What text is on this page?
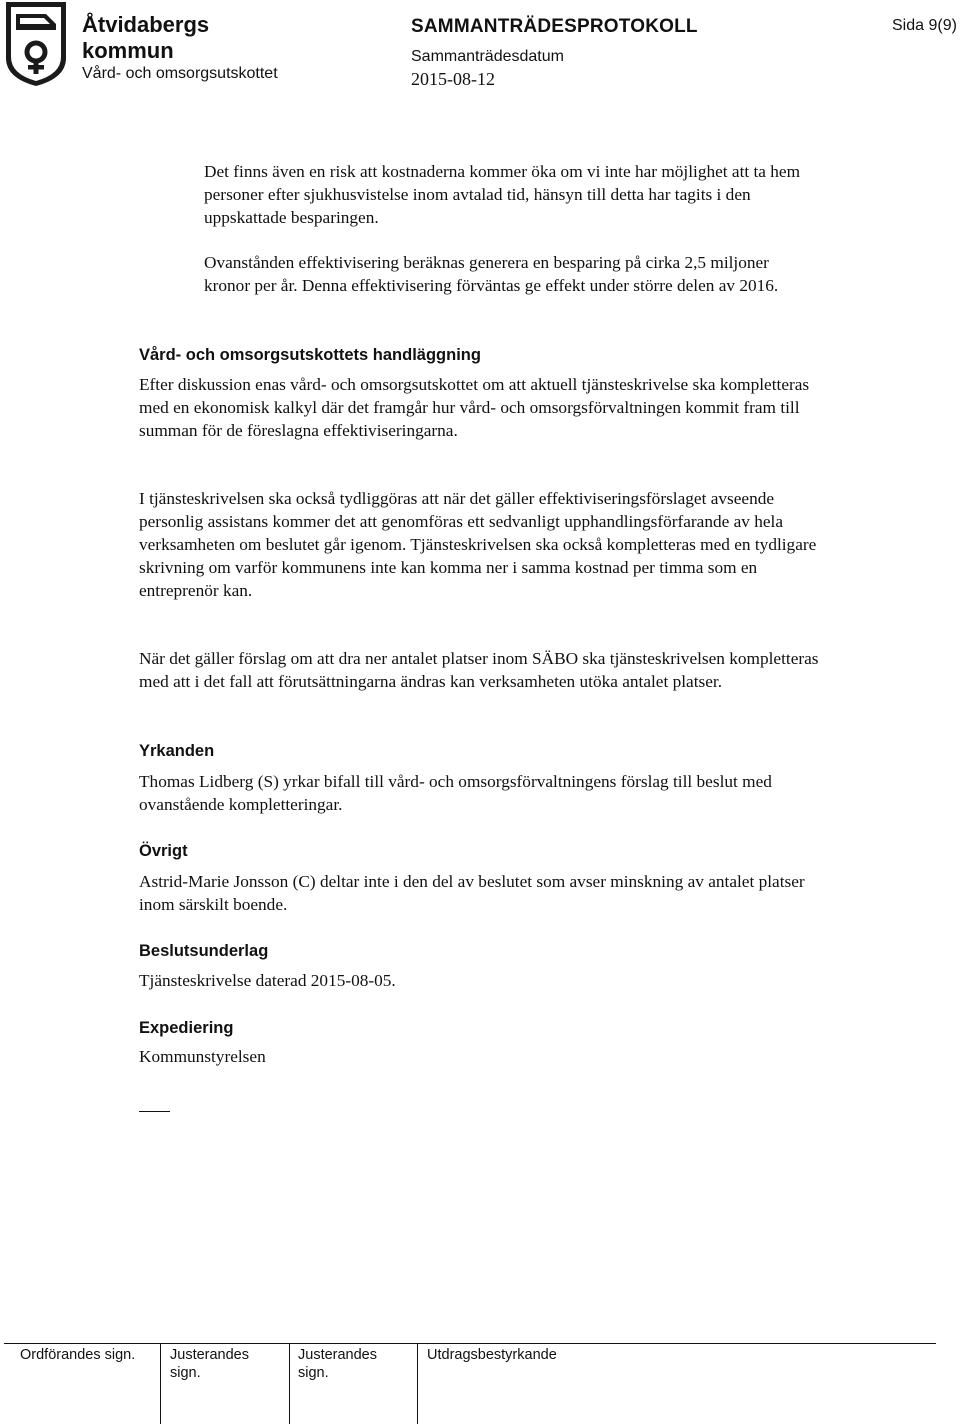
Åtvidabergs
kommun
Vård- och omsorgsutskottet
SAMMANTRÄDESPROTOKOLL
Sammanträdesdatum
2015-08-12
Sida 9(9)

Det finns även en risk att kostnaderna kommer öka om vi inte har möjlighet att ta hem personer efter sjukhusvistelse inom avtalad tid, hänsyn till detta har tagits i den uppskattade besparingen.

Ovanstånden effektivisering beräknas generera en besparing på cirka 2,5 miljoner kronor per år. Denna effektivisering förväntas ge effekt under större delen av 2016.

Vård- och omsorgsutskottets handläggning

Efter diskussion enas vård- och omsorgsutskottet om att aktuell tjänsteskrivelse ska kompletteras med en ekonomisk kalkyl där det framgår hur vård- och omsorgsförvaltningen kommit fram till summan för de föreslagna effektiviseringarna.

I tjänsteskrivelsen ska också tydliggöras att när det gäller effektiviseringsförslaget avseende personlig assistans kommer det att genomföras ett sedvanligt upphandlingsförfarande av hela verksamheten om beslutet går igenom. Tjänsteskrivelsen ska också kompletteras med en tydligare skrivning om varför kommunens inte kan komma ner i samma kostnad per timma som en entreprenör kan.

När det gäller förslag om att dra ner antalet platser inom SÄBO ska tjänsteskrivelsen kompletteras med att i det fall att förutsättningarna ändras kan verksamheten utöka antalet platser.

Yrkanden

Thomas Lidberg (S) yrkar bifall till vård- och omsorgsförvaltningens förslag till beslut med ovanstående kompletteringar.

Övrigt

Astrid-Marie Jonsson (C) deltar inte i den del av beslutet som avser minskning av antalet platser inom särskilt boende.

Beslutsunderlag

Tjänsteskrivelse daterad 2015-08-05.

Expediering

Kommunstyrelsen

Ordförandes sign. Justerandes
sign.
Justerandes
sign.
Utdragsbestyrkande
